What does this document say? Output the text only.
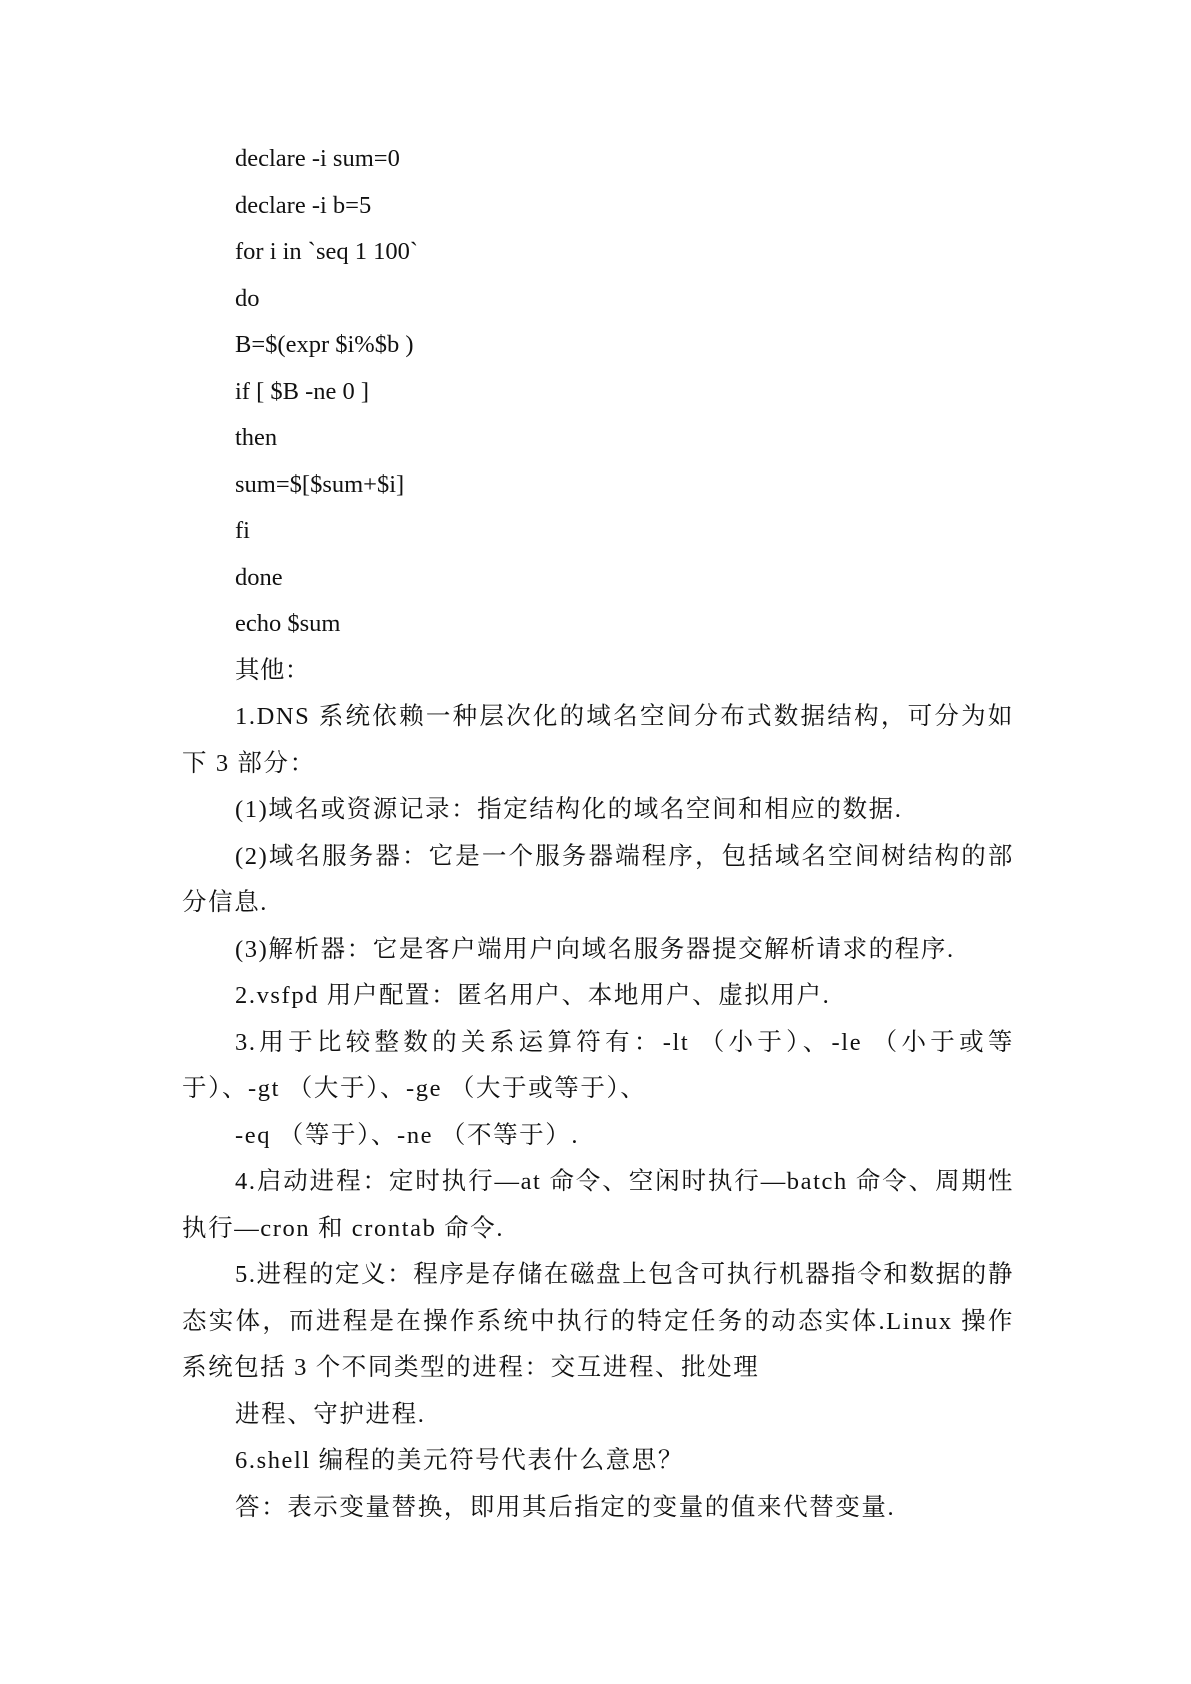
declare -i sum=0
declare -i b=5
for i in `seq 1 100`
do
B=$(expr $i%$b )
if [ $B -ne 0 ]
then
sum=$[$sum+$i]
fi
done
echo $sum
其他：

1.DNS 系统依赖一种层次化的域名空间分布式数据结构，可分为如下 3 部分：

(1)域名或资源记录：指定结构化的域名空间和相应的数据.

(2)域名服务器：它是一个服务器端程序，包括域名空间树结构的部分信息.

(3)解析器：它是客户端用户向域名服务器提交解析请求的程序.

2.vsfpd 用户配置：匿名用户、本地用户、虚拟用户.

3.用于比较整数的关系运算符有：-lt （小于）、-le （小于或等于）、-gt （大于）、-ge （大于或等于）、

-eq （等于）、-ne （不等于）.

4.启动进程：定时执行—at 命令、空闲时执行—batch 命令、周期性执行—cron 和 crontab 命令.

5.进程的定义：程序是存储在磁盘上包含可执行机器指令和数据的静态实体，而进程是在操作系统中执行的特定任务的动态实体.Linux 操作系统包括 3 个不同类型的进程：交互进程、批处理

进程、守护进程.

6.shell 编程的美元符号代表什么意思？

答：表示变量替换，即用其后指定的变量的值来代替变量.
